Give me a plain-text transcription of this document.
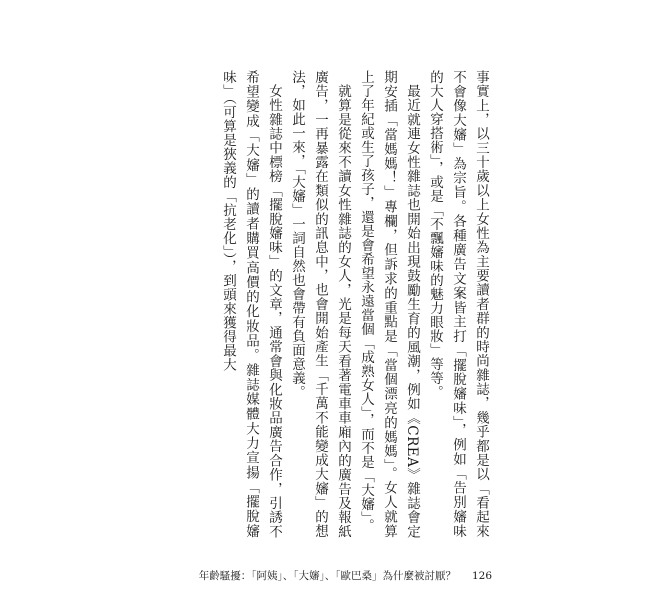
事實上，以三十歲以上女性為主要讀者群的時尚雜誌，幾乎都是以「看起來不會像大嬸」為宗旨。各種廣告文案皆主打「擺脫嬸味」，例如「告別嬸味的大人穿搭術」，或是「不飄嬸味的魅力眼妝」等等。

最近就連女性雜誌也開始出現鼓勵生育的風潮，例如《CREA》雜誌會定期安插「當媽媽！」專欄，但訴求的重點是「當個漂亮的媽媽」。女人就算上了年紀或生了孩子，還是會希望永遠當個「成熟女人」，而不是「大嬸」。

就算是從來不讀女性雜誌的女人，光是每天看著電車車廂內的廣告及報紙廣告，一再暴露在類似的訊息中，也會開始產生「千萬不能變成大嬸」的想法，如此一來，「大嬸」一詞自然也會帶有負面意義。

女性雜誌中標榜「擺脫嬸味」的文章，通常會與化妝品廣告合作，引誘不希望變成「大嬸」的讀者購買高價的化妝品。雜誌媒體大力宣揚「擺脫嬸味」（可算是狹義的「抗老化」），到頭來獲得最大

年齡騷擾：「阿姨」、「大嬸」、「歐巴桑」為什麼被討厭？ 126
